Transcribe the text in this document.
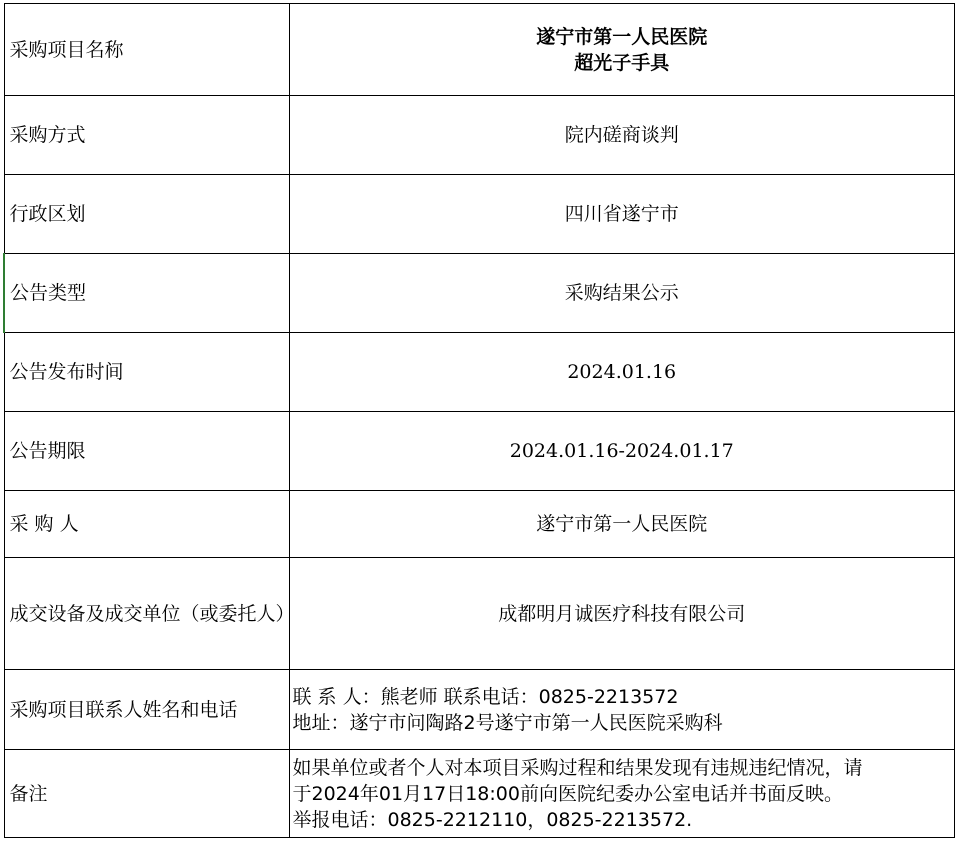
采购项目名称	遂宁市第一人民医院
超光子手具

采购方式	院内磋商谈判
行政区划	四川省遂宁市
公告类型	采购结果公示
公告发布时间	2024.01.16
公告期限	2024.01.16-2024.01.17
采 购 人	遂宁市第一人民医院
成交设备及成交单位（或委托人）	成都明月诚医疗科技有限公司
采购项目联系人姓名和电话	联 系 人：熊老师 联系电话：0825-2213572
地址：遂宁市问陶路2号遂宁市第一人民医院采购科

备注	如果单位或者个人对本项目采购过程和结果发现有违规违纪情况，请
于2024年01月17日18:00前向医院纪委办公室电话并书面反映。
举报电话：0825-2212110，0825-2213572.
